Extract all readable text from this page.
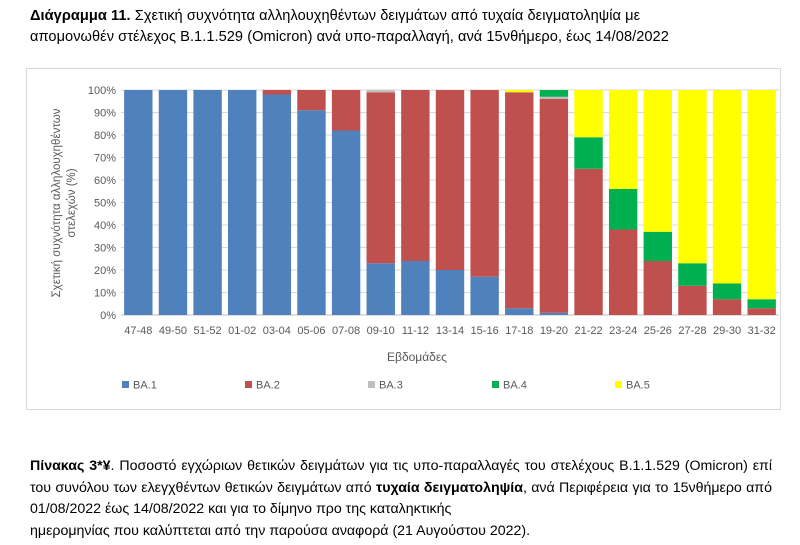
Διάγραμμα 11. Σχετική συχνότητα αλληλουχηθέντων δειγμάτων από τυχαία δειγματοληψία με
απομονωθέν στέλεχος B.1.1.529 (Omicron) ανά υπο-παραλλαγή, ανά 15νθήμερο, έως 14/08/2022
0%
10%
20%
30%
40%
50%
60%
70%
80%
90%
100%
47-48 49-50 51-52 01-02 03-04 05-06 07-08 09-10 11-12 13-14 15-16 17-18 19-20 21-22 23-24 25-26 27-28 29-30 31-32
Σχετική συχνότητα αλληλουχηθέντων στελεχών (%)
Εβδομάδες
BA.1	BA.2	BA.3	BA.4	BA.5
Πίνακας 3*¥. Ποσοστό εγχώριων θετικών δειγμάτων για τις υπο-παραλλαγές του στελέχους B.1.1.529 (Omicron) επί του συνόλου των ελεγχθέντων θετικών δειγμάτων από τυχαία δειγματοληψία, ανά Περιφέρεια για το 15νθήμερο από 01/08/2022 έως 14/08/2022 και για το δίμηνο προ της καταληκτικής
ημερομηνίας που καλύπτεται από την παρούσα αναφορά (21 Αυγούστου 2022).
